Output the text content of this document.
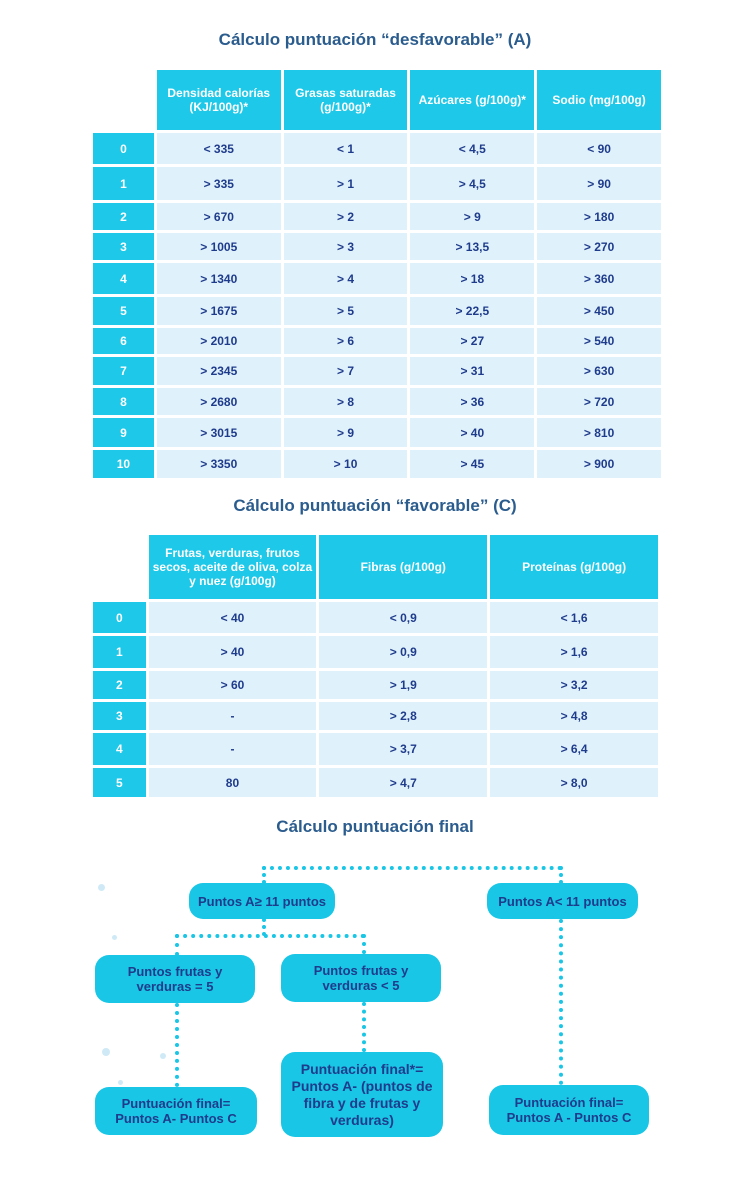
Cálculo puntuación “desfavorable” (A)
	Densidad calorías (KJ/100g)*	Grasas saturadas (g/100g)*	Azúcares (g/100g)*	Sodio (mg/100g)
0	< 335	< 1	< 4,5	< 90
1	> 335	> 1	> 4,5	> 90
2	> 670	> 2	> 9	> 180
3	> 1005	> 3	> 13,5	> 270
4	> 1340	> 4	> 18	> 360
5	> 1675	> 5	> 22,5	> 450
6	> 2010	> 6	> 27	> 540
7	> 2345	> 7	> 31	> 630
8	> 2680	> 8	> 36	> 720
9	> 3015	> 9	> 40	> 810
10	> 3350	> 10	> 45	> 900
Cálculo puntuación “favorable” (C)
	Frutas, verduras, frutos secos, aceite de oliva, colza y nuez (g/100g)	Fibras (g/100g)	Proteínas (g/100g)
0	< 40	< 0,9	< 1,6
1	> 40	> 0,9	> 1,6
2	> 60	> 1,9	> 3,2
3	-	> 2,8	> 4,8
4	-	> 3,7	> 6,4
5	80	> 4,7	> 8,0
Cálculo puntuación final
Puntos A≥ 11 puntos	Puntos A< 11 puntos
Puntos frutas y verduras = 5
Puntos frutas y verduras < 5
Puntuación final= Puntos A- Puntos C
Puntuación final*= Puntos A- (puntos de fibra y de frutas y verduras)
Puntuación final= Puntos A - Puntos C
